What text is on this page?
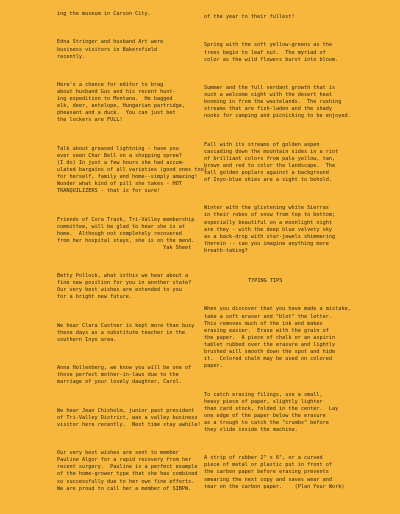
ing the museum in Carson City.

Edna Stringer and husband Art were
business visitors in Bakersfield
recently.

Here's a chance for editor to brag
about husband Gus and his recent hunt-
ing expedition to Montana.  He bagged
elk, deer, antelope, Hungarian partridge,
pheasant and a duck.  You can just bet
the lockers are FULL!

Talk about greased lightning - have you
ever seen Char Bell on a shopping spree?
(I do) In just a few hours she had accum-
ulated bargains of all varieties (good ones too)
for herself, family and home--simply amazing!
Wonder what kind of pill she takes - HOT
TRANQUILIZERS - that is for sure!

Friends of Cora Trask, Tri-Valley membership
committee, will be glad to hear she is at
home.  Although not completely recovered
from her hospital stays, she is on the mend.
Yak Sheet

Betty Pollock, what isthis we hear about a
fine new position for you in another state?
Our very best wishes are extended to you
for a bright new future.

We hear Clara Castner is kept more than busy
these days as a substitute teacher in the
southern Inyo area.

Anna Hollenberg, we know you will be one of
those perfect mother-in-laws due to the
marriage of your lovely daughter, Carol.

We hear Jean Chisholm, junior past president
of Tri-Valley District, was a valley business
visitor here recently.  Next time stay awhile!

Our very best wishes are sent to member
Pauline Algor for a rapid recovery from her
recent surgery.  Pauline is a perfect example
of the home-grower type that she has combined
so successfully due to her own fine efforts.
We are proud to call her a member of SIBPW.

of the year to their fullest!

Spring with the soft yellow-greens as the
trees begin to leaf out.  The myriad of
color as the wild flowers burst into bloom.

Summer and the full verdant growth that is
such a welcome sight with the desert heat
booming in from the wastelands.  The rushing
streams that are fish-laden and the shady
nooks for camping and picnicking to be enjoyed.

Fall with its streams of golden aspen
cascading down the mountain sides in a riot
of brilliant colors from pale yellow, tan,
brown and red to color the landscape.  The
tall golden poplars against a background
of Inyo-blue skies are a sight to behold.

Winter with the glistening white Sierras
in their robes of snow from top to bottom;
especially beautiful on a moonlight night
are they - with the deep blue velvety sky
as a back-drop with star-jewels shimmering
therein -- can you imagine anything more
breath-taking?

TYPING TIPS

When you discover that you have made a mistake,
take a soft eraser and "blot" the letter.
This removes much of the ink and makes
erasing easier.  Erase with the grain of
the paper.  A piece of chalk or an aspirin
tablet rubbed over the erasure and lightly
brushed will smooth down the spot and hide
it.  Colored chalk may be used on colored
paper.

To catch erasing filings, use a small,
heavy piece of paper, slightly lighter
than card stock, folded in the center.  Lay
one edge of the paper below the erasure
as a trough to catch the "crumbs" before
they slide inside the machine.

A strip of rubber 2" x 6", or a curved
piece of metal or plastic put in front of
the carbon paper before erasing prevents
smearing the next copy and saves wear and
tear on the carbon paper.    (Plan Your Work)
